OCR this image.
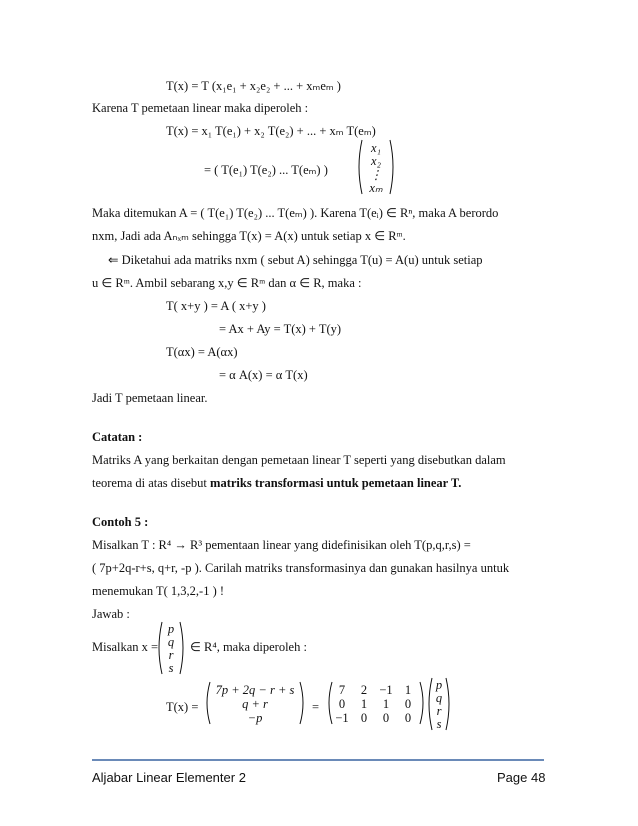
T(x) = T (x₁e₁ + x₂e₂ + ... + xₘeₘ )
Karena T pemetaan linear maka diperoleh :
T(x) = x₁ T(e₁) + x₂ T(e₂) + ... + xₘ T(eₘ)
= ( T(e₁) T(e₂) ... T(eₘ) )
x₁
x₂
⋮
xₘ
Maka ditemukan A = ( T(e₁) T(e₂) ... T(eₘ) ). Karena T(eᵢ) ∈ Rⁿ, maka A berordo
nxm, Jadi ada Aₙₓₘ sehingga T(x) = A(x) untuk setiap x ∈ Rᵐ.
⇐ Diketahui ada matriks nxm ( sebut A) sehingga T(u) = A(u) untuk setiap
u ∈ Rᵐ. Ambil sebarang x,y ∈ Rᵐ dan α ∈ R, maka :
T( x+y ) = A ( x+y )
= Ax + Ay = T(x) + T(y)
T(αx) = A(αx)
= α A(x) = α T(x)
Jadi T pemetaan linear.
Catatan :
Matriks A yang berkaitan dengan pemetaan linear T seperti yang disebutkan dalam
teorema di atas disebut matriks transformasi untuk pemetaan linear T.
Contoh 5 :
Misalkan T : R⁴ → R³ pementaan linear yang didefinisikan oleh T(p,q,r,s) =
( 7p+2q-r+s, q+r, -p ). Carilah matriks transformasinya dan gunakan hasilnya untuk
menemukan T( 1,3,2,-1 ) !
Jawab :
Misalkan x =
p
q
r
s
∈ R⁴, maka diperoleh :
T(x) =
7p + 2q − r + s
q + r
−p
=
7	2 −1 1
0	1	1	0
−1 0	0	0
p
q
r
s
Aljabar Linear Elementer 2	Page 48
